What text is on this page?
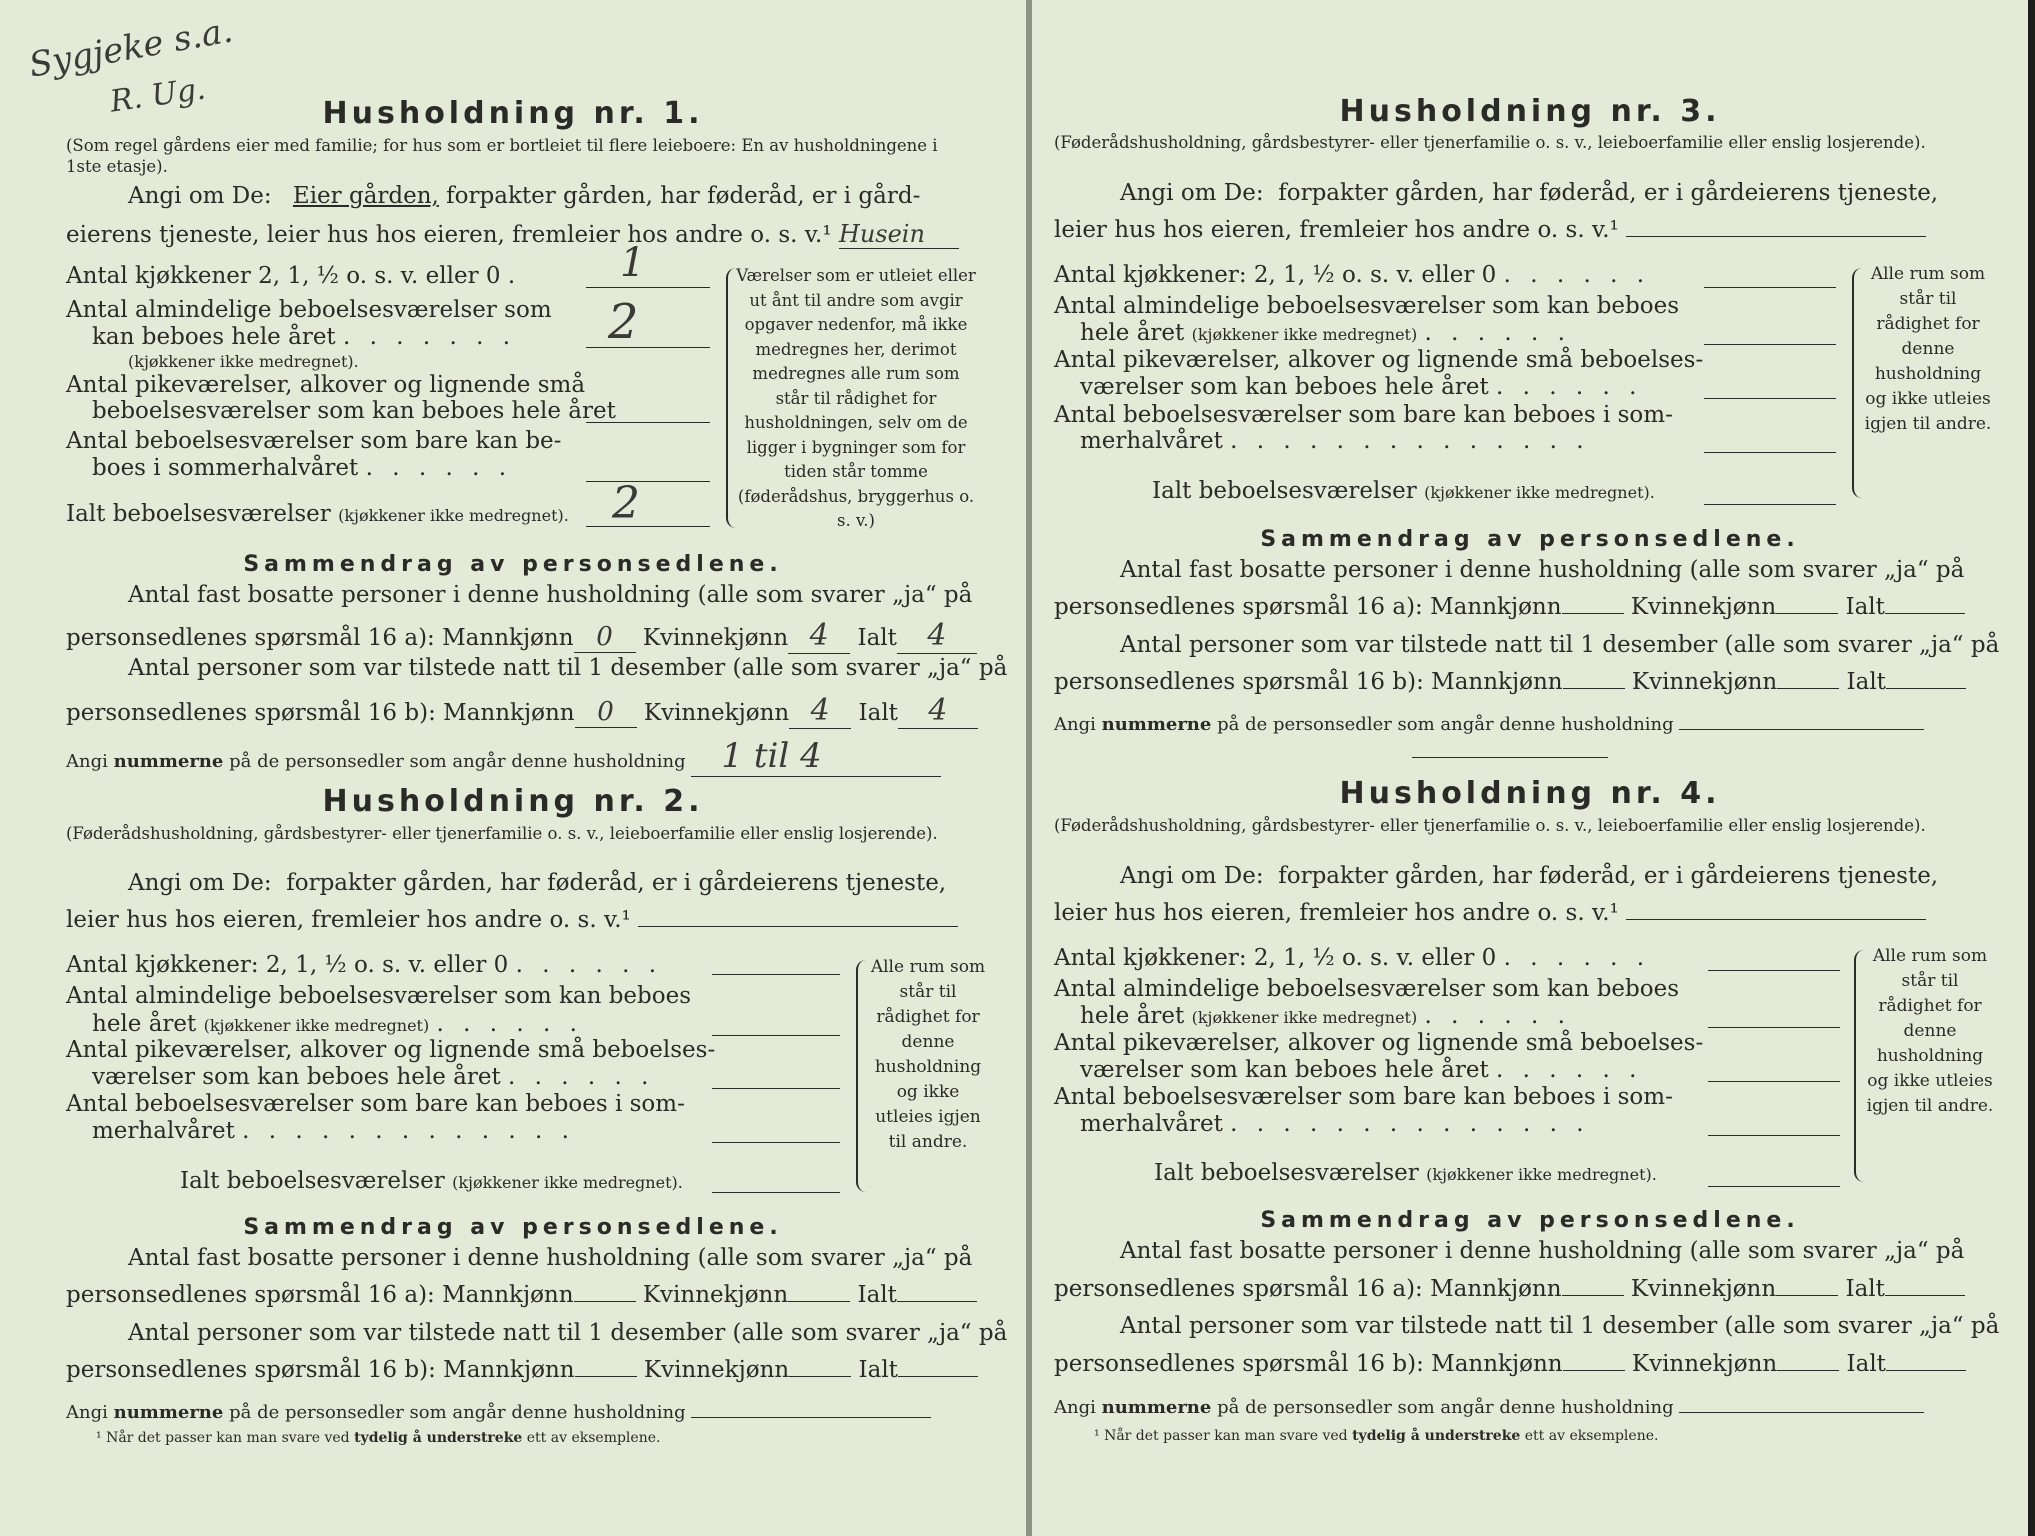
Sygjeke s.a.
R. Ug.	Husholdning nr. 1.
(Som regel gårdens eier med familie; for hus som er bortleiet til flere leieboere: En av husholdningene i 1ste etasje).
Angi om De: Eier gården, forpakter gården, har føderåd, er i gård-
eierens tjeneste, leier hus hos eieren, fremleier hos andre o. s. v.¹ Husein
Antal kjøkkener 2, 1, ½ o. s. v. eller 0 . 1
Antal almindelige beboelsesværelser som
kan beboes hele året . . . . . . .
(kjøkkener ikke medregnet).
2
Antal pikeværelser, alkover og lignende små
beboelsesværelser som kan beboes hele året
Antal beboelsesværelser som bare kan be-
boes i sommerhalvåret . . . . . .
Ialt beboelsesværelser (kjøkkener ikke medregnet). 2
Værelser som er utleiet eller ut ånt til andre som avgir opgaver nedenfor, må ikke medregnes her, derimot medregnes alle rum som står til rådighet for husholdningen, selv om de ligger i bygninger som for tiden står tomme (føderådshus, bryggerhus o. s. v.)
Sammendrag av personsedlene.
Antal fast bosatte personer i denne husholdning (alle som svarer „ja“ på
personsedlenes spørsmål 16 a): Mannkjønn 0 Kvinnekjønn 4 Ialt 4
Antal personer som var tilstede natt til 1 desember (alle som svarer „ja“ på
personsedlenes spørsmål 16 b): Mannkjønn 0 Kvinnekjønn 4 Ialt 4
Angi nummerne på de personsedler som angår denne husholdning 1 til 4
Husholdning nr. 2.
(Føderådshusholdning, gårdsbestyrer- eller tjenerfamilie o. s. v., leieboerfamilie eller enslig losjerende).
Angi om De: forpakter gården, har føderåd, er i gårdeierens tjeneste,
leier hus hos eieren, fremleier hos andre o. s. v.¹
Antal kjøkkener: 2, 1, ½ o. s. v. eller 0 . . . . . .
Antal almindelige beboelsesværelser som kan beboes
hele året (kjøkkener ikke medregnet) . . . . . .
Antal pikeværelser, alkover og lignende små beboelses-
værelser som kan beboes hele året . . . . . .
Antal beboelsesværelser som bare kan beboes i som-
merhalvåret . . . . . . . . . . . . .
Ialt beboelsesværelser (kjøkkener ikke medregnet).
Alle rum som står til rådighet for denne husholdning og ikke utleies igjen til andre.
Sammendrag av personsedlene.
Antal fast bosatte personer i denne husholdning (alle som svarer „ja“ på
personsedlenes spørsmål 16 a): Mannkjønn	Kvinnekjønn	Ialt
Antal personer som var tilstede natt til 1 desember (alle som svarer „ja“ på
personsedlenes spørsmål 16 b): Mannkjønn	Kvinnekjønn	Ialt
Angi nummerne på de personsedler som angår denne husholdning
¹ Når det passer kan man svare ved tydelig å understreke ett av eksemplene.
Husholdning nr. 3.
(Føderådshusholdning, gårdsbestyrer- eller tjenerfamilie o. s. v., leieboerfamilie eller enslig losjerende).
Angi om De: forpakter gården, har føderåd, er i gårdeierens tjeneste,
leier hus hos eieren, fremleier hos andre o. s. v.¹
Antal kjøkkener: 2, 1, ½ o. s. v. eller 0 . . . . . .
Antal almindelige beboelsesværelser som kan beboes
hele året (kjøkkener ikke medregnet) . . . . . .
Antal pikeværelser, alkover og lignende små beboelses-
værelser som kan beboes hele året . . . . . .
Antal beboelsesværelser som bare kan beboes i som-
merhalvåret . . . . . . . . . . . . . .
Ialt beboelsesværelser (kjøkkener ikke medregnet).
Alle rum som står til rådighet for denne husholdning og ikke utleies igjen til andre.
Sammendrag av personsedlene.
Antal fast bosatte personer i denne husholdning (alle som svarer „ja“ på
personsedlenes spørsmål 16 a): Mannkjønn	Kvinnekjønn	Ialt
Antal personer som var tilstede natt til 1 desember (alle som svarer „ja“ på
personsedlenes spørsmål 16 b): Mannkjønn	Kvinnekjønn	Ialt
Angi nummerne på de personsedler som angår denne husholdning
Husholdning nr. 4.
(Føderådshusholdning, gårdsbestyrer- eller tjenerfamilie o. s. v., leieboerfamilie eller enslig losjerende).
Angi om De: forpakter gården, har føderåd, er i gårdeierens tjeneste,
leier hus hos eieren, fremleier hos andre o. s. v.¹
Antal kjøkkener: 2, 1, ½ o. s. v. eller 0 . . . . . .
Antal almindelige beboelsesværelser som kan beboes
hele året (kjøkkener ikke medregnet) . . . . . .
Antal pikeværelser, alkover og lignende små beboelses-
værelser som kan beboes hele året . . . . . .
Antal beboelsesværelser som bare kan beboes i som-
merhalvåret . . . . . . . . . . . . . .
Ialt beboelsesværelser (kjøkkener ikke medregnet).
Alle rum som står til rådighet for denne husholdning og ikke utleies igjen til andre.
Sammendrag av personsedlene.
Antal fast bosatte personer i denne husholdning (alle som svarer „ja“ på
personsedlenes spørsmål 16 a): Mannkjønn	Kvinnekjønn	Ialt
Antal personer som var tilstede natt til 1 desember (alle som svarer „ja“ på
personsedlenes spørsmål 16 b): Mannkjønn	Kvinnekjønn	Ialt
Angi nummerne på de personsedler som angår denne husholdning
¹ Når det passer kan man svare ved tydelig å understreke ett av eksemplene.
